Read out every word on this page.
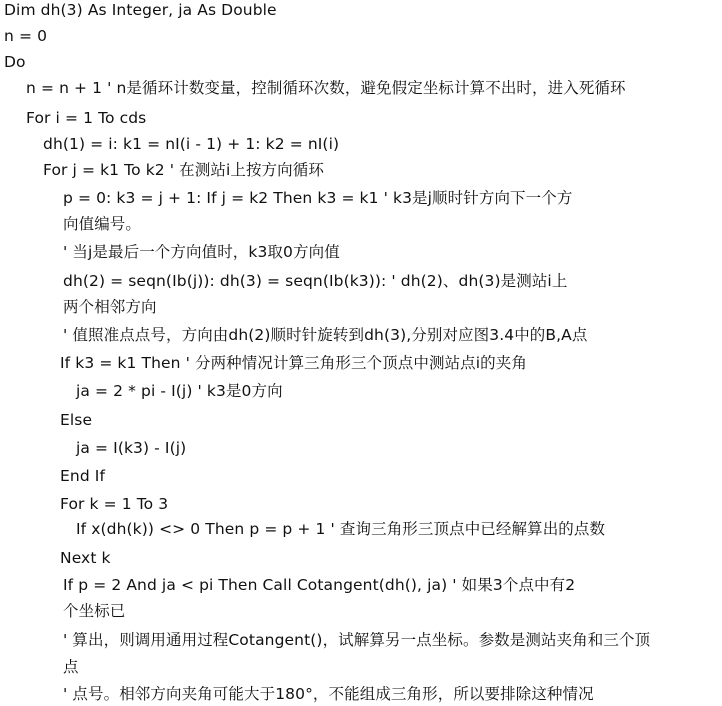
Dim dh(3) As Integer, ja As Double
n = 0
Do
n = n + 1 ' n是循环计数变量，控制循环次数，避免假定坐标计算不出时，进入死循环
For i = 1 To cds
dh(1) = i: k1 = nI(i - 1) + 1: k2 = nI(i)
For j = k1 To k2 ' 在测站i上按方向循环
p = 0: k3 = j + 1: If j = k2 Then k3 = k1 ' k3是j顺时针方向下一个方
向值编号。
' 当j是最后一个方向值时，k3取0方向值
dh(2) = seqn(Ib(j)): dh(3) = seqn(Ib(k3)): ' dh(2)、dh(3)是测站i上
两个相邻方向
' 值照准点点号，方向由dh(2)顺时针旋转到dh(3),分别对应图3.4中的B,A点
If k3 = k1 Then ' 分两种情况计算三角形三个顶点中测站点i的夹角
ja = 2 * pi - I(j) ' k3是0方向
Else
ja = I(k3) - I(j)
End If
For k = 1 To 3
If x(dh(k)) <> 0 Then p = p + 1 ' 查询三角形三顶点中已经解算出的点数
Next k
If p = 2 And ja < pi Then Call Cotangent(dh(), ja) ' 如果3个点中有2
个坐标已
' 算出，则调用通用过程Cotangent()，试解算另一点坐标。参数是测站夹角和三个顶
点
' 点号。相邻方向夹角可能大于180°，不能组成三角形，所以要排除这种情况
